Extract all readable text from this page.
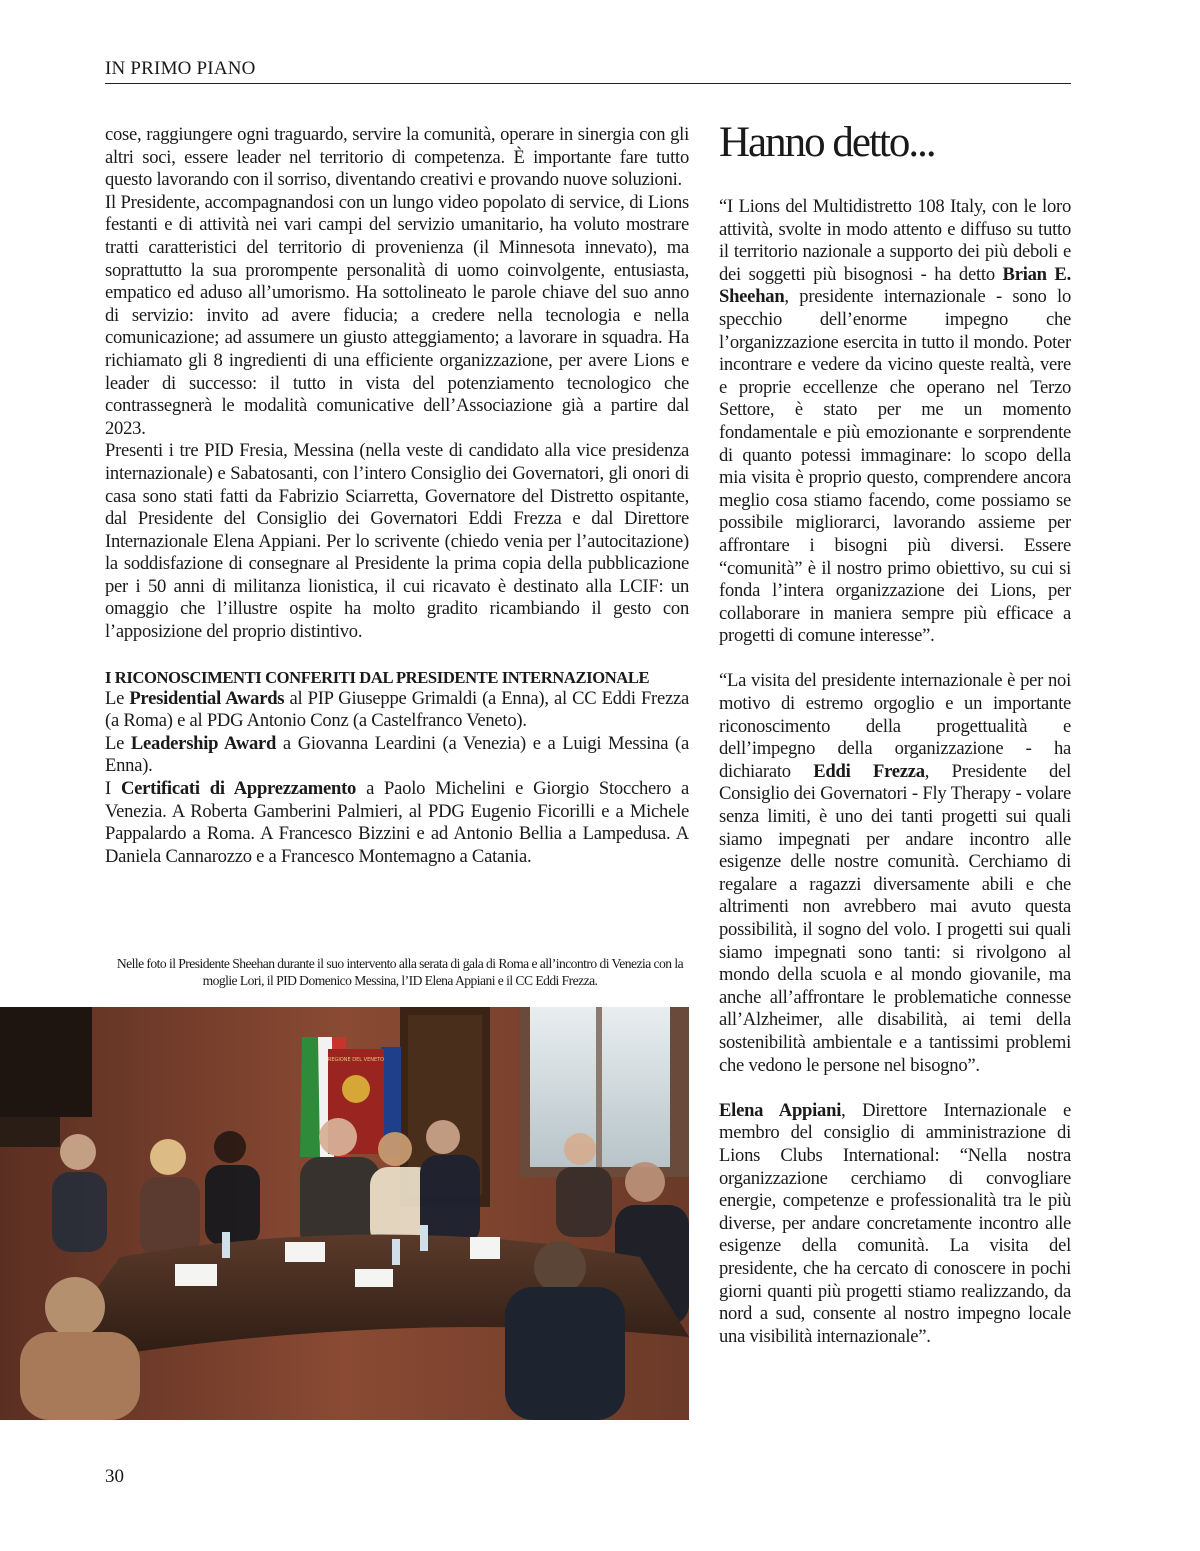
IN PRIMO PIANO

cose, raggiungere ogni traguardo, servire la comunità, operare in sinergia con gli altri soci, essere leader nel territorio di competenza. È importante fare tutto questo lavorando con il sorriso, diventando creativi e provando nuove soluzioni.

Il Presidente, accompagnandosi con un lungo video popolato di service, di Lions festanti e di attività nei vari campi del servizio umanitario, ha voluto mostrare tratti caratteristici del territorio di provenienza (il Minnesota innevato), ma soprattutto la sua prorompente personalità di uomo coinvolgente, entusiasta, empatico ed aduso all’umorismo. Ha sottolineato le parole chiave del suo anno di servizio: invito ad avere fiducia; a credere nella tecnologia e nella comunicazione; ad assumere un giusto atteggiamento; a lavorare in squadra. Ha richiamato gli 8 ingredienti di una efficiente organizzazione, per avere Lions e leader di successo: il tutto in vista del potenziamento tecnologico che contrassegnerà le modalità comunicative dell’Associazione già a partire dal 2023.

Presenti i tre PID Fresia, Messina (nella veste di candidato alla vice presidenza internazionale) e Sabatosanti, con l’intero Consiglio dei Governatori, gli onori di casa sono stati fatti da Fabrizio Sciarretta, Governatore del Distretto ospitante, dal Presidente del Consiglio dei Governatori Eddi Frezza e dal Direttore Internazionale Elena Appiani. Per lo scrivente (chiedo venia per l’autocitazione) la soddisfazione di consegnare al Presidente la prima copia della pubblicazione per i 50 anni di militanza lionistica, il cui ricavato è destinato alla LCIF: un omaggio che l’illustre ospite ha molto gradito ricambiando il gesto con l’apposizione del proprio distintivo.

I RICONOSCIMENTI CONFERITI DAL PRESIDENTE INTERNAZIONALE

Le Presidential Awards al PIP Giuseppe Grimaldi (a Enna), al CC Eddi Frezza (a Roma) e al PDG Antonio Conz (a Castelfranco Veneto).

Le Leadership Award a Giovanna Leardini (a Venezia) e a Luigi Messina (a Enna).

I Certificati di Apprezzamento a Paolo Michelini e Giorgio Stocchero a Venezia. A Roberta Gamberini Palmieri, al PDG Eugenio Ficorilli e a Michele Pappalardo a Roma. A Francesco Bizzini e ad Antonio Bellia a Lampedusa. A Daniela Cannarozzo e a Francesco Montemagno a Catania.

Nelle foto il Presidente Sheehan durante il suo intervento alla serata di gala di Roma e all’incontro di Venezia con la moglie Lori, il PID Domenico Messina, l’ID Elena Appiani e il CC Eddi Frezza.
REGIONE DEL VENETO

Hanno detto...

“I Lions del Multidistretto 108 Italy, con le loro attività, svolte in modo attento e diffuso su tutto il territorio nazionale a supporto dei più deboli e dei soggetti più bisognosi - ha detto Brian E. Sheehan, presidente internazionale - sono lo specchio dell’enorme impegno che l’organizzazione esercita in tutto il mondo. Poter incontrare e vedere da vicino queste realtà, vere e proprie eccellenze che operano nel Terzo Settore, è stato per me un momento fondamentale e più emozionante e sorprendente di quanto potessi immaginare: lo scopo della mia visita è proprio questo, comprendere ancora meglio cosa stiamo facendo, come possiamo se possibile migliorarci, lavorando assieme per affrontare i bisogni più diversi. Essere “comunità” è il nostro primo obiettivo, su cui si fonda l’intera organizzazione dei Lions, per collaborare in maniera sempre più efficace a progetti di comune interesse”.

“La visita del presidente internazionale è per noi motivo di estremo orgoglio e un importante riconoscimento della progettualità e dell’impegno della organizzazione - ha dichiarato Eddi Frezza, Presidente del Consiglio dei Governatori - Fly Therapy - volare senza limiti, è uno dei tanti progetti sui quali siamo impegnati per andare incontro alle esigenze delle nostre comunità. Cerchiamo di regalare a ragazzi diversamente abili e che altrimenti non avrebbero mai avuto questa possibilità, il sogno del volo. I progetti sui quali siamo impegnati sono tanti: si rivolgono al mondo della scuola e al mondo giovanile, ma anche all’affrontare le problematiche connesse all’Alzheimer, alle disabilità, ai temi della sostenibilità ambientale e a tantissimi problemi che vedono le persone nel bisogno”.

Elena Appiani, Direttore Internazionale e membro del consiglio di amministrazione di Lions Clubs International: “Nella nostra organizzazione cerchiamo di convogliare energie, competenze e professionalità tra le più diverse, per andare concretamente incontro alle esigenze della comunità. La visita del presidente, che ha cercato di conoscere in pochi giorni quanti più progetti stiamo realizzando, da nord a sud, consente al nostro impegno locale una visibilità internazionale”.

30
